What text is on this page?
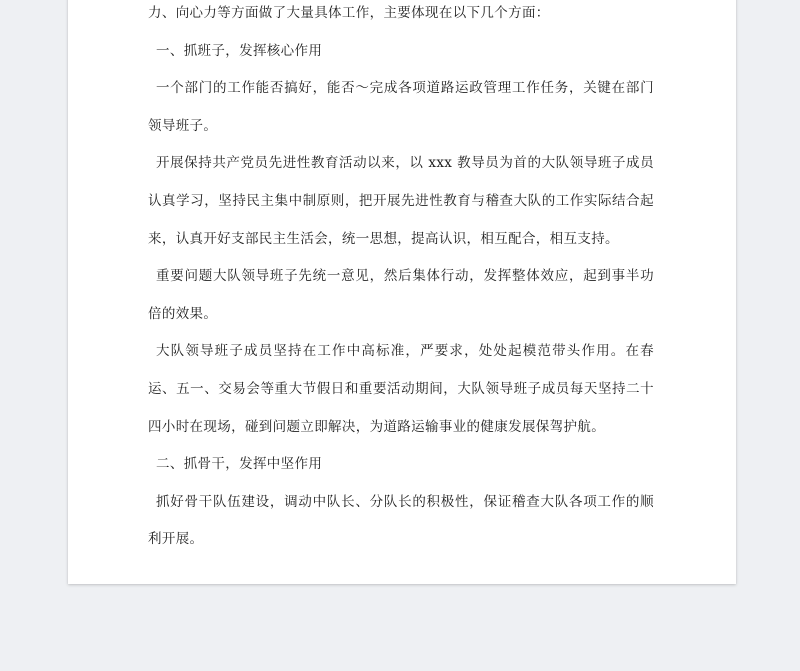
力、向心力等方面做了大量具体工作，主要体现在以下几个方面：

一、抓班子，发挥核心作用

一个部门的工作能否搞好，能否～完成各项道路运政管理工作任务，关键在部门领导班子。

开展保持共产党员先进性教育活动以来，以 xxx 教导员为首的大队领导班子成员认真学习，坚持民主集中制原则，把开展先进性教育与稽查大队的工作实际结合起来，认真开好支部民主生活会，统一思想，提高认识，相互配合，相互支持。

重要问题大队领导班子先统一意见，然后集体行动，发挥整体效应，起到事半功倍的效果。

大队领导班子成员坚持在工作中高标准，严要求，处处起模范带头作用。在春运、五一、交易会等重大节假日和重要活动期间，大队领导班子成员每天坚持二十四小时在现场，碰到问题立即解决，为道路运输事业的健康发展保驾护航。

二、抓骨干，发挥中坚作用

抓好骨干队伍建设，调动中队长、分队长的积极性，保证稽查大队各项工作的顺利开展。
